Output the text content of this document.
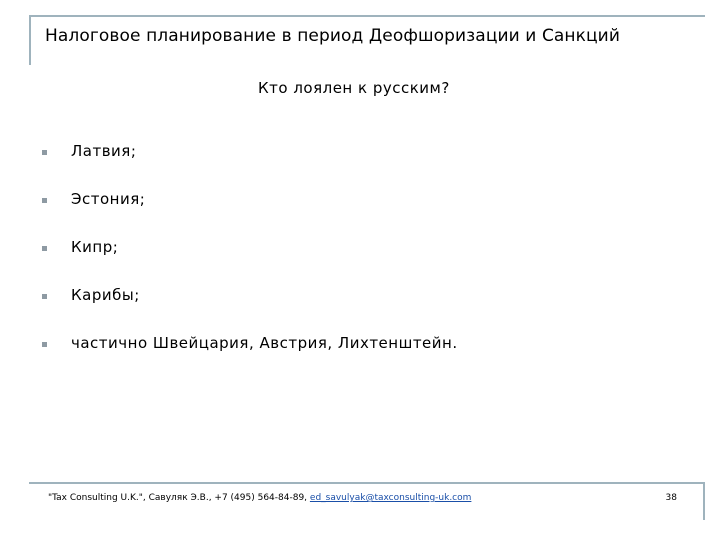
Налоговое планирование в период Деофшоризации и Санкций
Кто лоялен к русским?
Латвия;
Эстония;
Кипр;
Карибы;
частично Швейцария, Австрия, Лихтенштейн.
"Tax Consulting U.K.", Савуляк Э.В., +7 (495) 564-84-89, ed_savulyak@taxconsulting-uk.com	38
